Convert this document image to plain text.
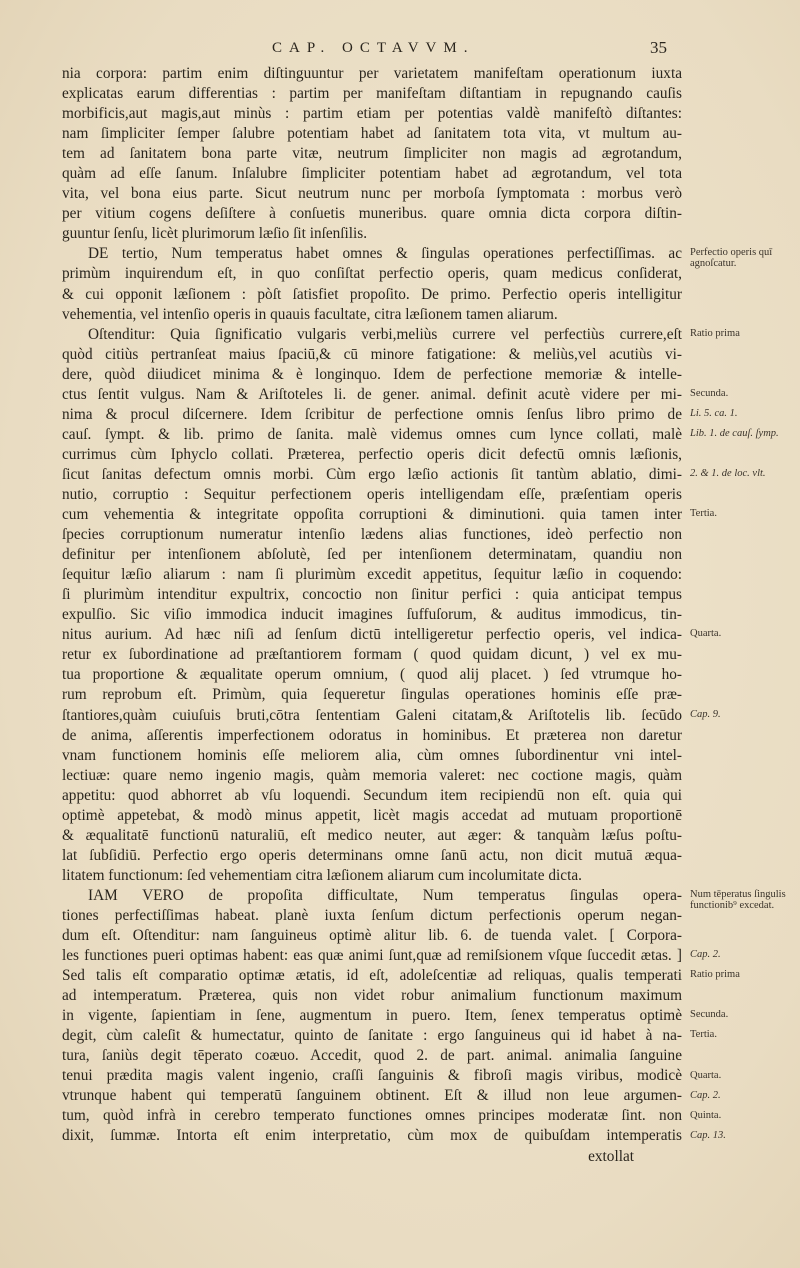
CAP. OCTAVVM.	35
nia corpora: partim enim diſtinguuntur per varietatem manifeſtam operationum iuxta
explicatas earum differentias : partim per manifeſtam diſtantiam in repugnando cauſis
morbificis,aut magis,aut minùs : partim etiam per potentias valdè manifeſtò diſtantes:
nam ſimpliciter ſemper ſalubre potentiam habet ad ſanitatem tota vita, vt multum au-
tem ad ſanitatem bona parte vitæ, neutrum ſimpliciter non magis ad ægrotandum,
quàm ad eſſe ſanum. Inſalubre ſimpliciter potentiam habet ad ægrotandum, vel tota
vita, vel bona eius parte. Sicut neutrum nunc per morboſa ſymptomata : morbus verò
per vitium cogens deſiſtere à conſuetis muneribus. quare omnia dicta corpora diſtin-
guuntur ſenſu, licèt plurimorum læſio ſit inſenſilis.
DE tertio, Num temperatus habet omnes & ſingulas operationes perfectiſſimas. ac
primùm inquirendum eſt, in quo conſiſtat perfectio operis, quam medicus conſiderat,
& cui opponit læſionem : pòſt ſatisfiet propoſito. De primo. Perfectio operis intelligitur
vehementia, vel intenſio operis in quauis facultate, citra læſionem tamen aliarum.
Oſtenditur: Quia ſignificatio vulgaris verbi,meliùs currere vel perfectiùs currere,eſt
quòd citiùs pertranſeat maius ſpaciū,& cū minore fatigatione: & meliùs,vel acutiùs vi-
dere, quòd diiudicet minima & è longinquo. Idem de perfectione memoriæ & intelle-
ctus ſentit vulgus. Nam & Ariſtoteles li. de gener. animal. definit acutè videre per mi-
nima & procul diſcernere. Idem ſcribitur de perfectione omnis ſenſus libro primo de
cauſ. ſympt. & lib. primo de ſanita. malè videmus omnes cum lynce collati, malè
currimus cùm Iphyclo collati. Præterea, perfectio operis dicit defectū omnis læſionis,
ſicut ſanitas defectum omnis morbi. Cùm ergo læſio actionis ſit tantùm ablatio, dimi-
nutio, corruptio : Sequitur perfectionem operis intelligendam eſſe, præſentiam operis
cum vehementia & integritate oppoſita corruptioni & diminutioni. quia tamen inter
ſpecies corruptionum numeratur intenſio lædens alias functiones, ideò perfectio non
definitur per intenſionem abſolutè, ſed per intenſionem determinatam, quandiu non
ſequitur læſio aliarum : nam ſi plurimùm excedit appetitus, ſequitur læſio in coquendo:
ſi plurimùm intenditur expultrix, concoctio non ſinitur perfici : quia anticipat tempus
expulſio. Sic viſio immodica inducit imagines ſuffuſorum, & auditus immodicus, tin-
nitus aurium. Ad hæc niſi ad ſenſum dictū intelligeretur perfectio operis, vel indica-
retur ex ſubordinatione ad præſtantiorem formam ( quod quidam dicunt, ) vel ex mu-
tua proportione & æqualitate operum omnium, ( quod alij placet. ) ſed vtrumque ho-
rum reprobum eſt. Primùm, quia ſequeretur ſingulas operationes hominis eſſe præ-
ſtantiores,quàm cuiuſuis bruti,cōtra ſententiam Galeni citatam,& Ariſtotelis lib. ſecūdo
de anima, aſſerentis imperfectionem odoratus in hominibus. Et præterea non daretur
vnam functionem hominis eſſe meliorem alia, cùm omnes ſubordinentur vni intel-
lectiuæ: quare nemo ingenio magis, quàm memoria valeret: nec coctione magis, quàm
appetitu: quod abhorret ab vſu loquendi. Secundum item recipiendū non eſt. quia qui
optimè appetebat, & modò minus appetit, licèt magis accedat ad mutuam proportionē
& æqualitatē functionū naturaliū, eſt medico neuter, aut æger: & tanquàm læſus poſtu-
lat ſubſidiū. Perfectio ergo operis determinans omne ſanū actu, non dicit mutuā æqua-
litatem functionum: ſed vehementiam citra læſionem aliarum cum incolumitate dicta.
IAM VERO de propoſita difficultate, Num temperatus ſingulas opera-
tiones perfectiſſimas habeat. planè iuxta ſenſum dictum perfectionis operum negan-
dum eſt. Oſtenditur: nam ſanguineus optimè alitur lib. 6. de tuenda valet. [ Corpora-
les functiones pueri optimas habent: eas quæ animi ſunt,quæ ad remiſsionem vſque ſuccedit ætas. ]
Sed talis eſt comparatio optimæ ætatis, id eſt, adoleſcentiæ ad reliquas, qualis temperati
ad intemperatum. Præterea, quis non videt robur animalium functionum maximum
in vigente, ſapientiam in ſene, augmentum in puero. Item, ſenex temperatus optimè
degit, cùm caleſit & humectatur, quinto de ſanitate : ergo ſanguineus qui id habet à na-
tura, ſaniùs degit tēperato coæuo. Accedit, quod 2. de part. animal. animalia ſanguine
tenui prædita magis valent ingenio, craſſi ſanguinis & fibroſi magis viribus, modicè
vtrunque habent qui temperatū ſanguinem obtinent. Eſt & illud non leue argumen-
tum, quòd infrà in cerebro temperato functiones omnes principes moderatæ ſint. non
dixit, ſummæ. Intorta eſt enim interpretatio, cùm mox de quibuſdam intemperatis
extollat
Perfectio operis quī agnoſcatur.
Ratio prima
Secunda.
Li. 5. ca. 1.
Lib. 1. de cauſ. ſymp.
2. & 1. de loc. vlt.
Tertia.
Quarta.
Cap. 9.
Num tēperatus ſingulis functionib⁹ excedat.
Cap. 2.
Ratio prima
Secunda.
Tertia.
Quarta.
Cap. 2.
Quinta.
Cap. 13.
